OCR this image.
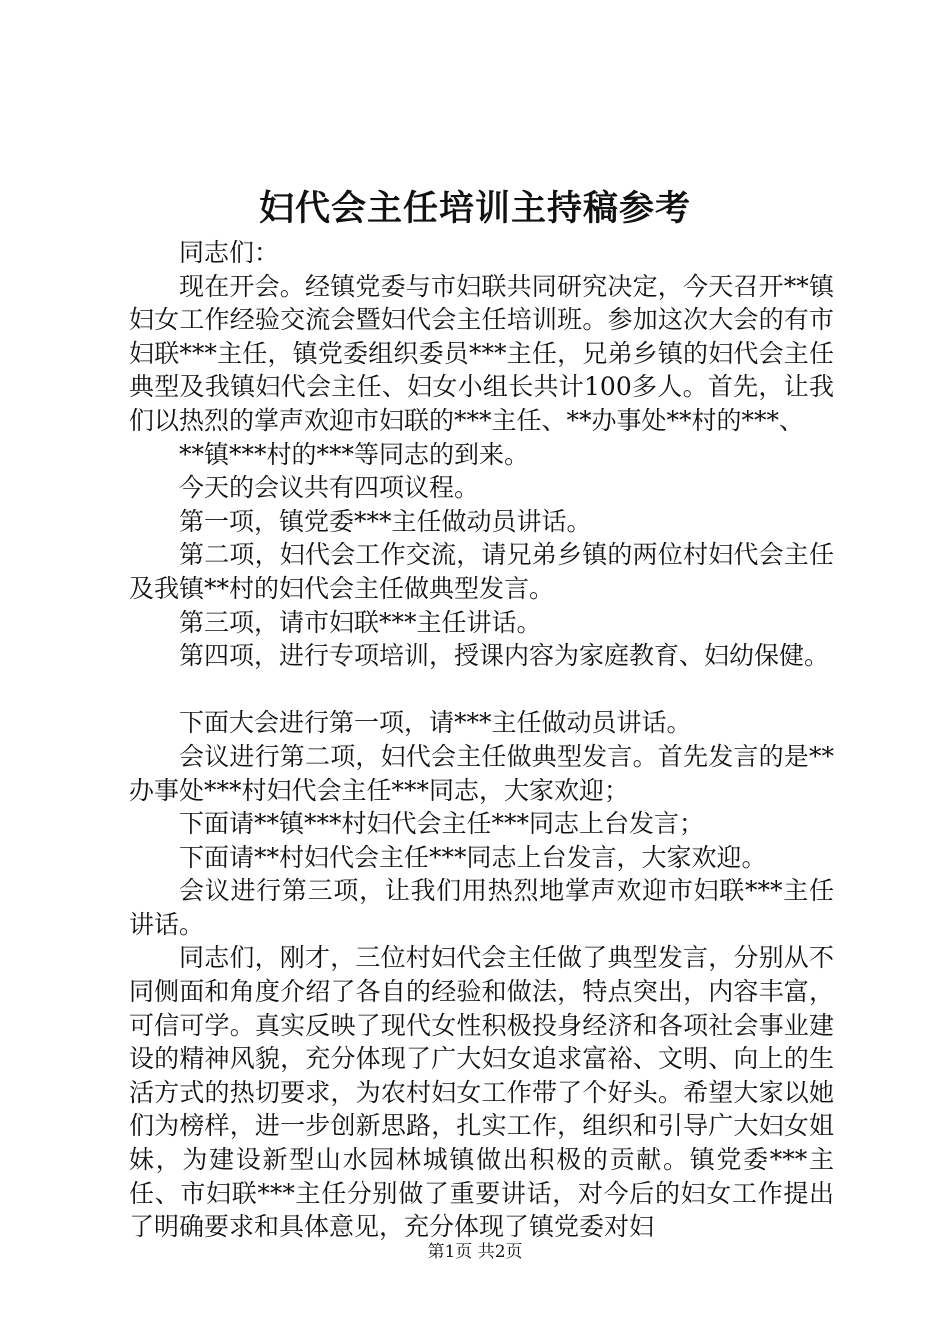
妇代会主任培训主持稿参考

同志们：

现在开会。经镇党委与市妇联共同研究决定，今天召开**镇妇女工作经验交流会暨妇代会主任培训班。参加这次大会的有市妇联***主任，镇党委组织委员***主任，兄弟乡镇的妇代会主任典型及我镇妇代会主任、妇女小组长共计100多人。首先，让我们以热烈的掌声欢迎市妇联的***主任、**办事处**村的***、

**镇***村的***等同志的到来。

今天的会议共有四项议程。

第一项，镇党委***主任做动员讲话。

第二项，妇代会工作交流，请兄弟乡镇的两位村妇代会主任及我镇**村的妇代会主任做典型发言。

第三项，请市妇联***主任讲话。

第四项，进行专项培训，授课内容为家庭教育、妇幼保健。

下面大会进行第一项，请***主任做动员讲话。

会议进行第二项，妇代会主任做典型发言。首先发言的是**办事处***村妇代会主任***同志，大家欢迎；

下面请**镇***村妇代会主任***同志上台发言；

下面请**村妇代会主任***同志上台发言，大家欢迎。

会议进行第三项，让我们用热烈地掌声欢迎市妇联***主任讲话。

同志们，刚才，三位村妇代会主任做了典型发言，分别从不同侧面和角度介绍了各自的经验和做法，特点突出，内容丰富，可信可学。真实反映了现代女性积极投身经济和各项社会事业建设的精神风貌，充分体现了广大妇女追求富裕、文明、向上的生活方式的热切要求，为农村妇女工作带了个好头。希望大家以她们为榜样，进一步创新思路，扎实工作，组织和引导广大妇女姐妹，为建设新型山水园林城镇做出积极的贡献。镇党委***主任、市妇联***主任分别做了重要讲话，对今后的妇女工作提出了明确要求和具体意见，充分体现了镇党委对妇

第1页 共2页
